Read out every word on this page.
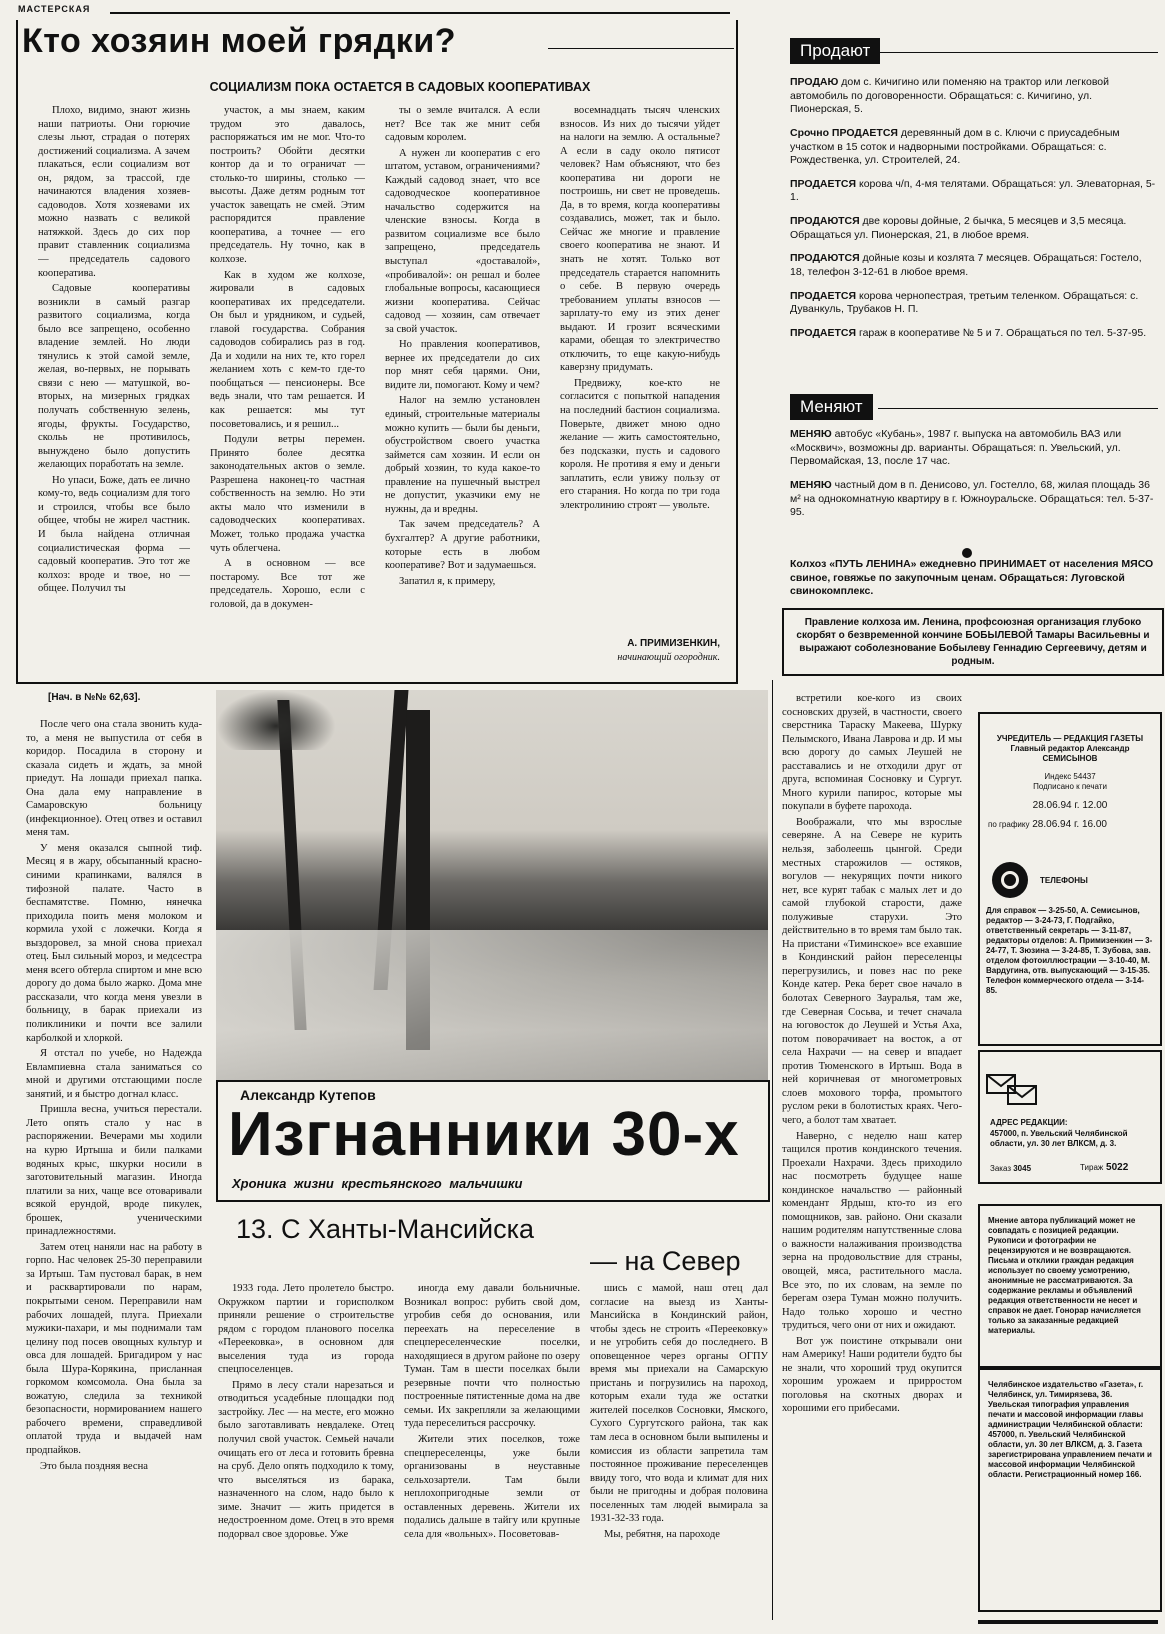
МАСТЕРСКАЯ
Кто хозяин моей грядки?
СОЦИАЛИЗМ ПОКА ОСТАЕТСЯ В САДОВЫХ КООПЕРАТИВАХ

Плохо, видимо, знают жизнь наши патриоты. Они горючие слезы льют, страдая о потерях достижений социализма. А зачем плакаться, если социализм вот он, рядом, за трассой, где начинаются владения хозяев-садоводов. Хотя хозяевами их можно назвать с великой натяжкой. Здесь до сих пор правит ставленник социализма — председатель садового кооператива.

Садовые кооперативы возникли в самый разгар развитого социализма, когда было все запрещено, особенно владение землей. Но люди тянулись к этой самой земле, желая, во-первых, не порывать связи с нею — матушкой, во-вторых, на мизерных грядках получать собственную зелень, ягоды, фрукты. Государство, скольь не противилось, вынуждено было допустить желающих поработать на земле.

Но упаси, Боже, дать ее лично кому-то, ведь социализм для того и строился, чтобы все было общее, чтобы не жирел частник. И была найдена отличная социалистическая форма — садовый кооператив. Это тот же колхоз: вроде и твое, но — общее. Получил ты

участок, а мы знаем, каким трудом это давалось, распоряжаться им не мог. Что-то построить? Обойти десятки контор да и то ограничат — столько-то ширины, столько — высоты. Даже детям родным тот участок завещать не смей. Этим распорядится правление кооператива, а точнее — его председатель. Ну точно, как в колхозе.

Как в худом же колхозе, жировали в садовых кооперативах их председатели. Он был и урядником, и судьей, главой государства. Собрания садоводов собирались раз в год. Да и ходили на них те, кто горел желанием хоть с кем-то где-то пообщаться — пенсионеры. Все ведь знали, что там решается. И как решается: мы тут посоветовались, и я решил...

Подули ветры перемен. Принято более десятка законодательных актов о земле. Разрешена наконец-то частная собственность на землю. Но эти акты мало что изменили в садоводческих кооперативах. Может, только продажа участка чуть облегчена.

А в основном — все постарому. Все тот же председатель. Хорошо, если с головой, да в докумен-

ты о земле вчитался. А если нет? Все так же мнит себя садовым королем.

А нужен ли кооператив с его штатом, уставом, ограничениями? Каждый садовод знает, что все садоводческое кооперативное начальство содержится на членские взносы. Когда в развитом социализме все было запрещено, председатель выступал «доставалой», «пробивалой»: он решал и более глобальные вопросы, касающиеся жизни кооператива. Сейчас садовод — хозяин, сам отвечает за свой участок.

Но правления кооперативов, вернее их председатели до сих пор мнят себя царями. Они, видите ли, помогают. Кому и чем?

Налог на землю установлен единый, строительные материалы можно купить — были бы деньги, обустройством своего участка займется сам хозяин. И если он добрый хозяин, то куда какое-то правление на пушечный выстрел не допустит, указчики ему не нужны, да и вредны.

Так зачем председатель? А бухгалтер? А другие работники, которые есть в любом кооперативе? Вот и задумаешься.

Запатил я, к примеру,

восемнадцать тысяч членских взносов. Из них до тысячи уйдет на налоги на землю. А остальные? А если в саду около пятисот человек? Нам объясняют, что без кооператива ни дороги не построишь, ни свет не проведешь. Да, в то время, когда кооперативы создавались, может, так и было. Сейчас же многие и правление своего кооператива не знают. И знать не хотят. Только вот председатель старается напомнить о себе. В первую очередь требованием уплаты взносов — зарплату-то ему из этих денег выдают. И грозит всяческими карами, обещая то электричество отключить, то еще какую-нибудь каверзну придумать.

Предвижу, кое-кто не согласится с попыткой нападения на последний бастион социализма. Поверьте, движет мною одно желание — жить самостоятельно, без подсказки, пусть и садового короля. Не противя я ему и деньги заплатить, если увижу пользу от его старания. Но когда по три года электролинию строят — увольте.

А. ПРИМИЗЕНКИН,
начинающий огородник.
Продают
ПРОДАЮ дом с. Кичигино или поменяю на трактор или легковой автомобиль по договоренности. Обращаться: с. Кичигино, ул. Пионерская, 5.
Срочно ПРОДАЕТСЯ деревянный дом в с. Ключи с приусадебным участком в 15 соток и надворными постройками. Обращаться: с. Рождественка, ул. Строителей, 24.
ПРОДАЕТСЯ корова ч/п, 4-мя телятами. Обращаться: ул. Элеваторная, 5-1.
ПРОДАЮТСЯ две коровы дойные, 2 бычка, 5 месяцев и 3,5 месяца. Обращаться ул. Пионерская, 21, в любое время.
ПРОДАЮТСЯ дойные козы и козлята 7 месяцев. Обращаться: Гостело, 18, телефон 3-12-61 в любое время.
ПРОДАЕТСЯ корова чернопестрая, третьим теленком. Обращаться: с. Дуванкуль, Трубаков Н. П.
ПРОДАЕТСЯ гараж в кооперативе № 5 и 7. Обращаться по тел. 5-37-95.
Меняют
МЕНЯЮ автобус «Кубань», 1987 г. выпуска на автомобиль ВАЗ или «Москвич», возможны др. варианты. Обращаться: п. Увельский, ул. Первомайская, 13, после 17 час.
МЕНЯЮ частный дом в п. Денисово, ул. Гостелло, 68, жилая площадь 36 м² на однокомнатную квартиру в г. Южноуральске. Обращаться: тел. 5-37-95.
Колхоз «ПУТЬ ЛЕНИНА» ежедневно ПРИНИМАЕТ от населения МЯСО свиное, говяжье по закупочным ценам. Обращаться: Луговской свинокомплекс.
Правление колхоза им. Ленина, профсоюзная организация глубоко скорбят о безвременной кончине БОБЫЛЕВОЙ Тамары Васильевны и выражают соболезнование Бобылеву Геннадию Сергеевичу, детям и родным.
[Нач. в №№ 62,63].

После чего она стала звонить куда-то, а меня не выпустила от себя в коридор. Посадила в сторону и сказала сидеть и ждать, за мной приедут. На лошади приехал папка. Она дала ему направление в Самаровскую больницу (инфекционное). Отец отвез и оставил меня там.

У меня оказался сыпной тиф. Месяц я в жару, обсыпанный красно-синими крапинками, валялся в тифозной палате. Часто в беспамятстве. Помню, нянечка приходила поить меня молоком и кормила ухой с ложечки. Когда я выздоровел, за мной снова приехал отец. Был сильный мороз, и медсестра меня всего обтерла спиртом и мне всю дорогу до дома было жарко. Дома мне рассказали, что когда меня увезли в больницу, в барак приехали из поликлиники и почти все залили карболкой и хлоркой.

Я отстал по учебе, но Надежда Евлампиевна стала заниматься со мной и другими отстающими после занятий, и я быстро догнал класс.

Пришла весна, учиться перестали. Лето опять стало у нас в распоряжении. Вечерами мы ходили на курю Иртыша и били палками водяных крыс, шкурки носили в заготовительный магазин. Иногда платили за них, чаще все отоваривали всякой ерундой, вроде пикулек, брошек, ученическими принадлежностями.

Затем отец наняли нас на работу в горпо. Нас человек 25-30 переправили за Иртыш. Там пустовал барак, в нем и расквартировали по нарам, покрытыми сеном. Переправили нам рабочих лошадей, плуга. Приехали мужики-пахари, и мы поднимали там целину под посев овощных культур и овса для лошадей. Бригадиром у нас была Шура-Корякина, присланная горкомом комсомола. Она была за вожатую, следила за техникой безопасности, нормированием нашего рабочего времени, справедливой оплатой труда и выдачей нам продпайков.

Это была поздняя весна

Александр Кутепов
Изгнанники 30-х
Хроника жизни крестьянского мальчишки
13. С Ханты-Мансийска
— на Север

1933 года. Лето пролетело быстро. Окружком партии и горисполком приняли решение о строительстве рядом с городом планового поселка «Переековка», в основном для выселения туда из города спецпоселенцев.

Прямо в лесу стали нарезаться и отводиться усадебные площадки под застройку. Лес — на месте, его можно было заготавливать невдалеке. Отец получил свой участок. Семьей начали очищать его от леса и готовить бревна на сруб. Дело опять подходило к тому, что выселяться из барака, назначенного на слом, надо было к зиме. Значит — жить придется в недостроенном доме. Отец в это время подорвал свое здоровье. Уже

иногда ему давали больничные. Возникал вопрос: рубить свой дом, угробив себя до основания, или переехать на переселение в спецпереселенческие поселки, находящиеся в другом районе по озеру Туман. Там в шести поселках были резервные почти что полностью построенные пятистенные дома на две семьи. Их закрепляли за желающими туда переселиться рассрочку.

Жители этих поселков, тоже спецпереселенцы, уже были организованы в неуставные сельхозартели. Там были неплохопригодные земли от оставленных деревень. Жители их подались дальше в тайгу или крупные села для «вольных». Посоветовав-

шись с мамой, наш отец дал согласие на выезд из Ханты-Мансийска в Кондинский район, чтобы здесь не строить «Переековку» и не угробить себя до последнего. В оповещенное через органы ОГПУ время мы приехали на Самарскую пристань и погрузились на пароход, которым ехали туда же остатки жителей поселков Сосновки, Ямского, Сухого Сургутского района, так как там леса в основном были выпилены и комиссия из области запретила там постоянное проживание переселенцев ввиду того, что вода и климат для них были не пригодны и добрая половина поселенных там людей вымирала за 1931-32-33 года.

Мы, ребятня, на пароходе

встретили кое-кого из своих сосновских друзей, в частности, своего сверстника Тараску Макеева, Шурку Пелымского, Ивана Лаврова и др. И мы всю дорогу до самых Леушей не расставались и не отходили друг от друга, вспоминая Сосновку и Сургут. Много курили папирос, которые мы покупали в буфете парохода.

Воображали, что мы взрослые северяне. А на Севере не курить нельзя, заболеешь цынгой. Среди местных старожилов — остяков, вогулов — некурящих почти никого нет, все курят табак с малых лет и до самой глубокой старости, даже полуживые старухи. Это действительно в то время там было так. На пристани «Тиминское» все ехавшие в Кондинский район переселенцы перегрузились, и повез нас по реке Конде катер. Река берет свое начало в болотах Северного Зауралья, там же, где Северная Сосьва, и течет сначала на юговосток до Леушей и Устья Аха, потом поворачивает на восток, а от села Нахрачи — на север и впадает против Тюменского в Иртыш. Вода в ней коричневая от многометровых слоев мохового торфа, промытого руслом реки в болотистых краях. Чего-чего, а болот там хватает.

Наверно, с неделю наш катер тащился против кондинского течения. Проехали Нахрачи. Здесь приходило нас посмотреть будущее наше кондинское начальство — районный комендант Ярдыш, кто-то из его помощников, зав. районо. Они сказали нашим родителям напутственные слова о важности налаживания производства зерна на продовольствие для страны, овощей, мяса, растительного масла. Все это, по их словам, на земле по берегам озера Туман можно получить. Надо только хорошо и честно трудиться, чего они от них и ожидают.

Вот уж поистине открывали они нам Америку! Наши родители будто бы не знали, что хороший труд окупится хорошим урожаем и прирростом поголовья на скотных дворах и хорошими его прибесами.

УЧРЕДИТЕЛЬ — РЕДАКЦИЯ ГАЗЕТЫ
Главный редактор Александр СЕМИСЫНОВ
Индекс 54437
Подписано к печати
28.06.94 г. 12.00
по графику 28.06.94 г. 16.00
ТЕЛЕФОНЫ
Для справок — 3-25-50, А. Семисынов, редактор — 3-24-73, Г. Подгайко, ответственный секретарь — 3-11-87, редакторы отделов: А. Примизенкин — 3-24-77, Т. Зюзина — 3-24-85, Т. Зубова, зав. отделом фотоиллюстрации — 3-10-40, М. Вардугина, отв. выпускающий — 3-15-35. Телефон коммерческого отдела — 3-14-85.
АДРЕС РЕДАКЦИИ:
457000, п. Увельский Челябинской области, ул. 30 лет ВЛКСМ, д. 3.
Заказ 3045	Тираж 5022
Мнение автора публикаций может не совпадать с позицией редакции. Рукописи и фотографии не рецензируются и не возвращаются. Письма и отклики граждан редакция использует по своему усмотрению, анонимные не рассматриваются. За содержание рекламы и объявлений редакция ответственности не несет и справок не дает. Гонорар начисляется только за заказанные редакцией материалы.
Челябинское издательство «Газета», г. Челябинск, ул. Тимирязева, 36. Увельская типография управления печати и массовой информации главы администрации Челябинской области: 457000, п. Увельский Челябинской области, ул. 30 лет ВЛКСМ, д. 3. Газета зарегистрирована управлением печати и массовой информации Челябинской области. Регистрационный номер 166.
